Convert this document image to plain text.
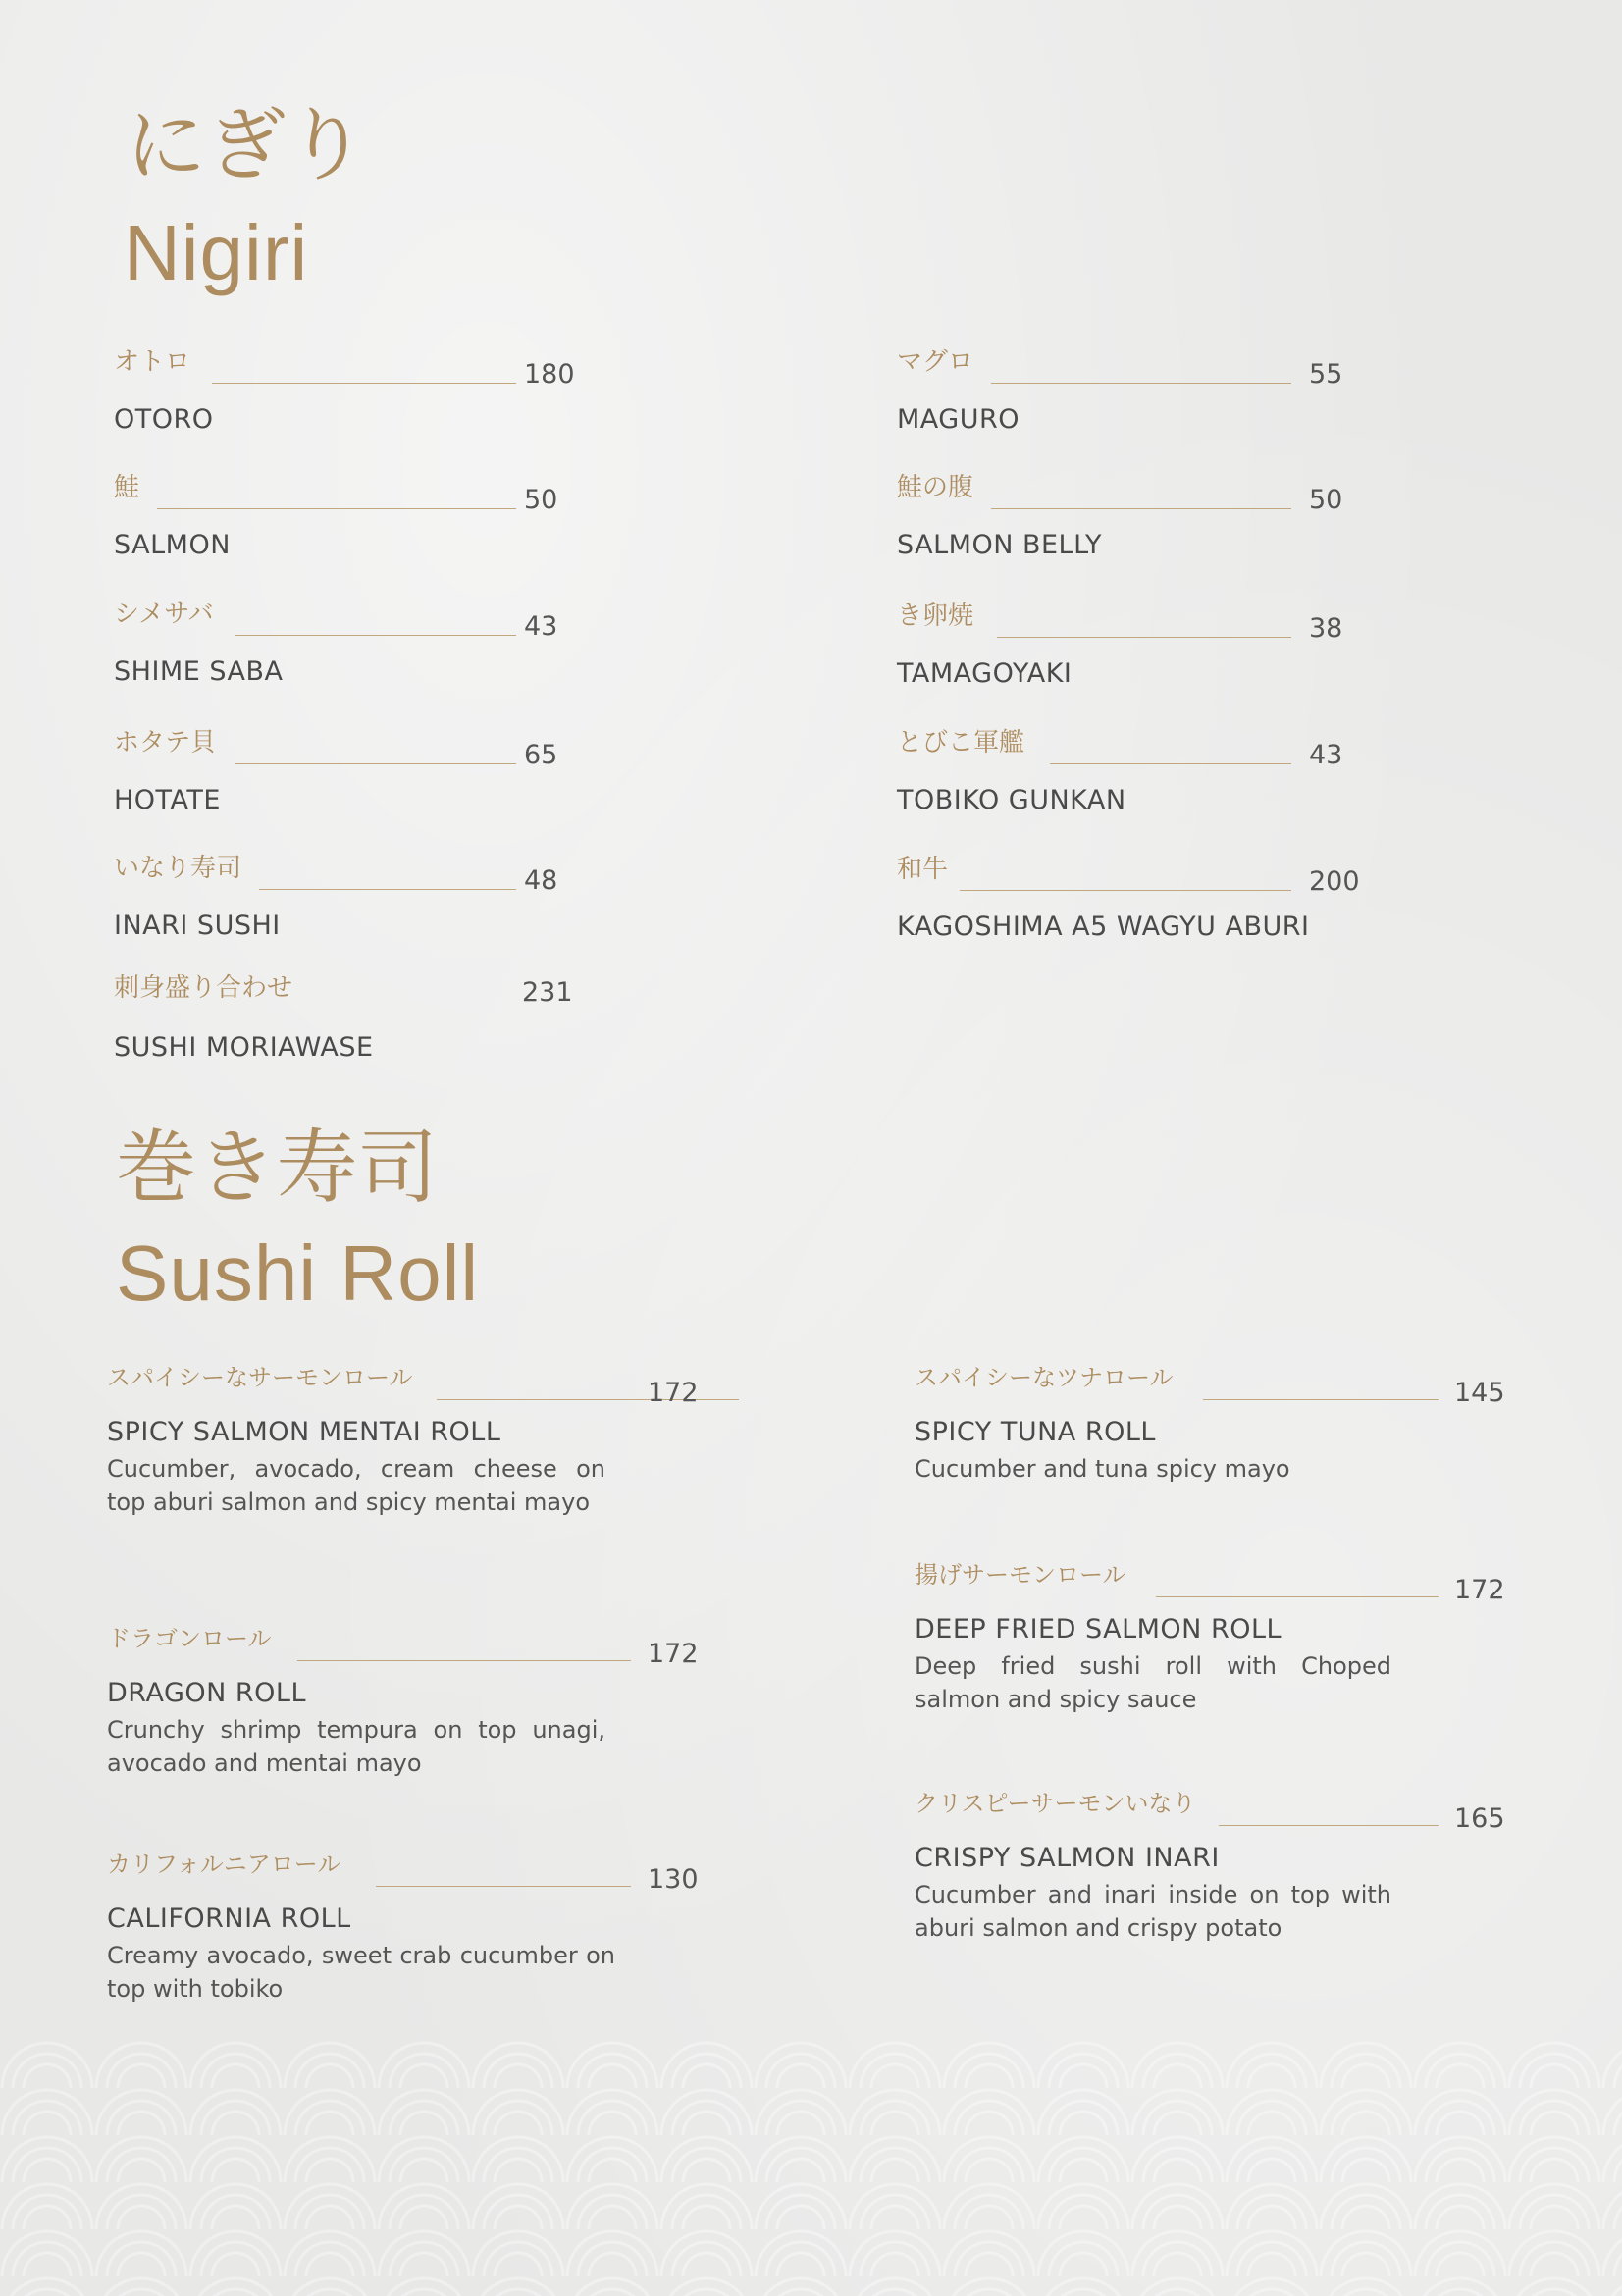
にぎり
Nigiri
オトロ	180
OTORO
鮭	50
SALMON
シメサバ	43
SHIME SABA
ホタテ貝	65
HOTATE
いなり寿司	48
INARI SUSHI
刺身盛り合わせ	231
SUSHI MORIAWASE
マグロ	55
MAGURO
鮭の腹	50
SALMON BELLY
き卵焼	38
TAMAGOYAKI
とびこ軍艦	43
TOBIKO GUNKAN
和牛	200
KAGOSHIMA A5 WAGYU ABURI
巻き寿司
Sushi Roll
スパイシーなサーモンロール	172
SPICY SALMON MENTAI ROLL

Cucumber, avocado, cream cheese on top aburi salmon and spicy mentai mayo

ドラゴンロール	172
DRAGON ROLL

Crunchy shrimp tempura on top unagi, avocado and mentai mayo

カリフォルニアロール	130
CALIFORNIA ROLL

Creamy avocado, sweet crab cucumber on top with tobiko

スパイシーなツナロール	145
SPICY TUNA ROLL

Cucumber and tuna spicy mayo

揚げサーモンロール	172
DEEP FRIED SALMON ROLL

Deep fried sushi roll with Choped salmon and spicy sauce

クリスピーサーモンいなり	165
CRISPY SALMON INARI

Cucumber and inari inside on top with aburi salmon and crispy potato
